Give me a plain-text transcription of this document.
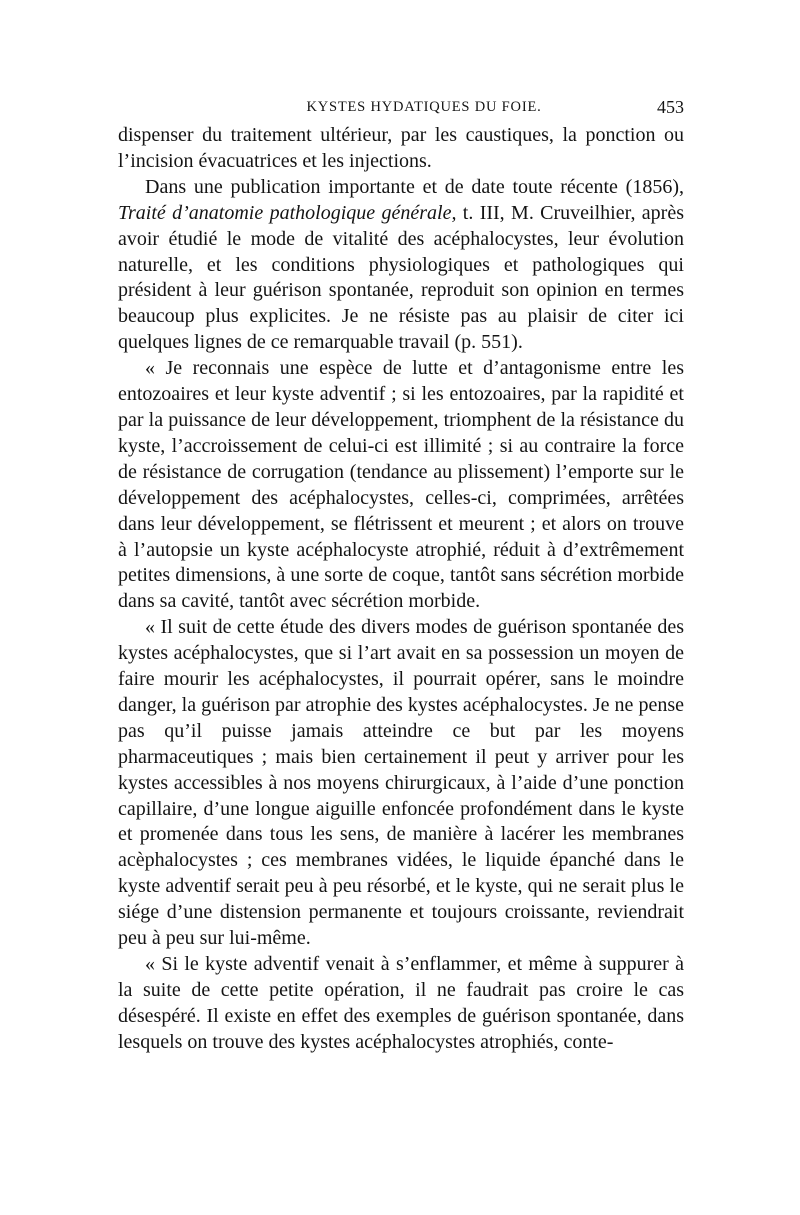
KYSTES HYDATIQUES DU FOIE.	453

dispenser du traitement ultérieur, par les caustiques, la ponction ou l’incision évacuatrices et les injections.

Dans une publication importante et de date toute récente (1856), Traité d’anatomie pathologique générale, t. III, M. Cruveilhier, après avoir étudié le mode de vitalité des acéphalocystes, leur évolution naturelle, et les conditions physiologiques et pathologiques qui président à leur guérison spontanée, reproduit son opinion en termes beaucoup plus explicites. Je ne résiste pas au plaisir de citer ici quelques lignes de ce remarquable travail (p. 551).

« Je reconnais une espèce de lutte et d’antagonisme entre les entozoaires et leur kyste adventif ; si les entozoaires, par la rapidité et par la puissance de leur développement, triomphent de la résistance du kyste, l’accroissement de celui-ci est illimité ; si au contraire la force de résistance de corrugation (tendance au plissement) l’emporte sur le développement des acéphalocystes, celles-ci, comprimées, arrêtées dans leur développement, se flétrissent et meurent ; et alors on trouve à l’autopsie un kyste acéphalocyste atrophié, réduit à d’extrêmement petites dimensions, à une sorte de coque, tantôt sans sécrétion morbide dans sa cavité, tantôt avec sécrétion morbide.

« Il suit de cette étude des divers modes de guérison spontanée des kystes acéphalocystes, que si l’art avait en sa possession un moyen de faire mourir les acéphalocystes, il pourrait opérer, sans le moindre danger, la guérison par atrophie des kystes acéphalocystes. Je ne pense pas qu’il puisse jamais atteindre ce but par les moyens pharmaceutiques ; mais bien certainement il peut y arriver pour les kystes accessibles à nos moyens chirurgicaux, à l’aide d’une ponction capillaire, d’une longue aiguille enfoncée profondément dans le kyste et promenée dans tous les sens, de manière à lacérer les membranes acèphalocystes ; ces membranes vidées, le liquide épanché dans le kyste adventif serait peu à peu résorbé, et le kyste, qui ne serait plus le siége d’une distension permanente et toujours croissante, reviendrait peu à peu sur lui-même.

« Si le kyste adventif venait à s’enflammer, et même à suppurer à la suite de cette petite opération, il ne faudrait pas croire le cas désespéré. Il existe en effet des exemples de guérison spontanée, dans lesquels on trouve des kystes acéphalocystes atrophiés, conte-
